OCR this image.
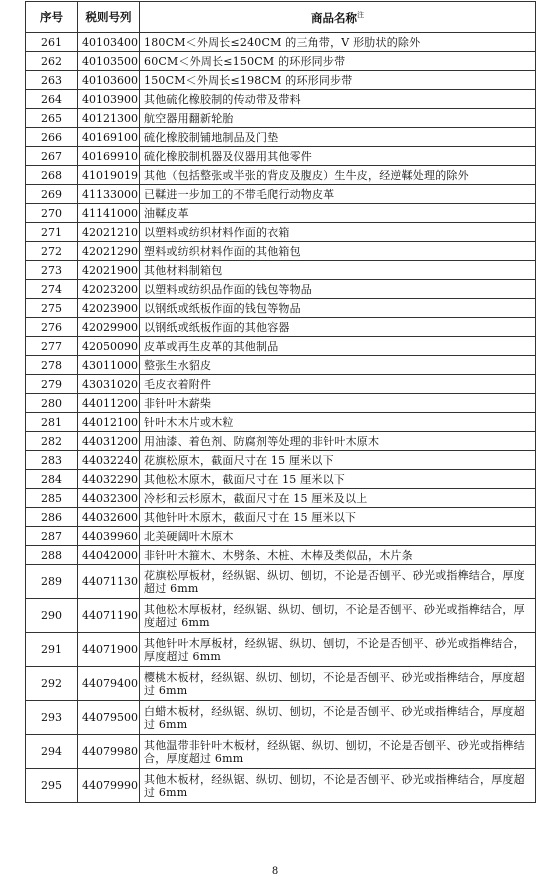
序号	税则号列	商品名称$^注$
261	40103400	180CM＜外周长≤240CM 的三角带，V 形肋状的除外
262	40103500	60CM＜外周长≤150CM 的环形同步带
263	40103600	150CM＜外周长≤198CM 的环形同步带
264	40103900	其他硫化橡胶制的传动带及带料
265	40121300	航空器用翻新轮胎
266	40169100	硫化橡胶制铺地制品及门垫
267	40169910	硫化橡胶制机器及仪器用其他零件
268	41019019	其他（包括整张或半张的背皮及腹皮）生牛皮，经逆鞣处理的除外
269	41133000	已鞣进一步加工的不带毛爬行动物皮革
270	41141000	油鞣皮革
271	42021210	以塑料或纺织材料作面的衣箱
272	42021290	塑料或纺织材料作面的其他箱包
273	42021900	其他材料制箱包
274	42023200	以塑料或纺织品作面的钱包等物品
275	42023900	以钢纸或纸板作面的钱包等物品
276	42029900	以钢纸或纸板作面的其他容器
277	42050090	皮革或再生皮革的其他制品
278	43011000	整张生水貂皮
279	43031020	毛皮衣着附件
280	44011200	非针叶木薪柴
281	44012100	针叶木木片或木粒
282	44031200	用油漆、着色剂、防腐剂等处理的非针叶木原木
283	44032240	花旗松原木，截面尺寸在 15 厘米以下
284	44032290	其他松木原木，截面尺寸在 15 厘米以下
285	44032300	冷杉和云杉原木，截面尺寸在 15 厘米及以上
286	44032600	其他针叶木原木，截面尺寸在 15 厘米以下
287	44039960	北美硬阔叶木原木
288	44042000	非针叶木箍木、木劈条、木桩、木棒及类似品，木片条
289	44071130	花旗松厚板材，经纵锯、纵切、刨切，不论是否刨平、砂光或指榫结合，厚度超过 6mm
290	44071190	其他松木厚板材，经纵锯、纵切、刨切，不论是否刨平、砂光或指榫结合，厚度超过 6mm
291	44071900	其他针叶木厚板材，经纵锯、纵切、刨切，不论是否刨平、砂光或指榫结合，厚度超过 6mm
292	44079400	樱桃木板材，经纵锯、纵切、刨切，不论是否刨平、砂光或指榫结合，厚度超过 6mm
293	44079500	白蜡木板材，经纵锯、纵切、刨切，不论是否刨平、砂光或指榫结合，厚度超过 6mm
294	44079980	其他温带非针叶木板材，经纵锯、纵切、刨切，不论是否刨平、砂光或指榫结合，厚度超过 6mm
295	44079990	其他木板材，经纵锯、纵切、刨切，不论是否刨平、砂光或指榫结合，厚度超过 6mm
8
